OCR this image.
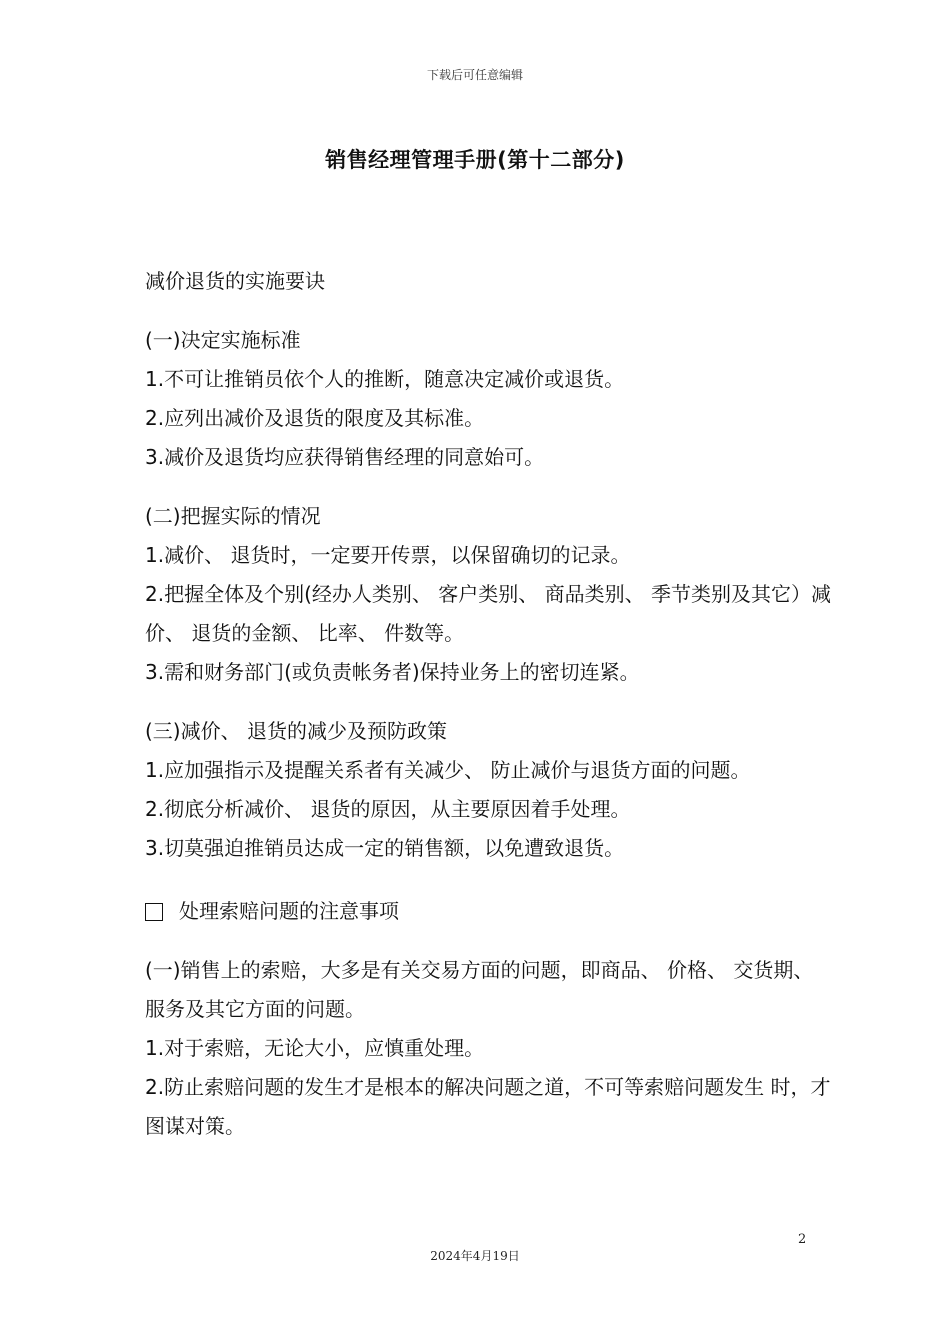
下载后可任意编辑
销售经理管理手册(第十二部分)

减价退货的实施要诀

(一)决定实施标准

1.不可让推销员依个人的推断，随意决定减价或退货。

2.应列出减价及退货的限度及其标准。

3.减价及退货均应获得销售经理的同意始可。

(二)把握实际的情况

1.减价、 退货时，一定要开传票，以保留确切的记录。

2.把握全体及个别(经办人类别、 客户类别、 商品类别、 季节类别及其它）减价、 退货的金额、 比率、 件数等。

3.需和财务部门(或负责帐务者)保持业务上的密切连紧。

(三)减价、 退货的减少及预防政策

1.应加强指示及提醒关系者有关减少、 防止减价与退货方面的问题。

2.彻底分析减价、 退货的原因，从主要原因着手处理。

3.切莫强迫推销员达成一定的销售额，以免遭致退货。

处理索赔问题的注意事项

(一)销售上的索赔，大多是有关交易方面的问题，即商品、 价格、 交货期、 服务及其它方面的问题。

1.对于索赔，无论大小，应慎重处理。

2.防止索赔问题的发生才是根本的解决问题之道，不可等索赔问题发生 时，才图谋对策。

2
2024年4月19日
